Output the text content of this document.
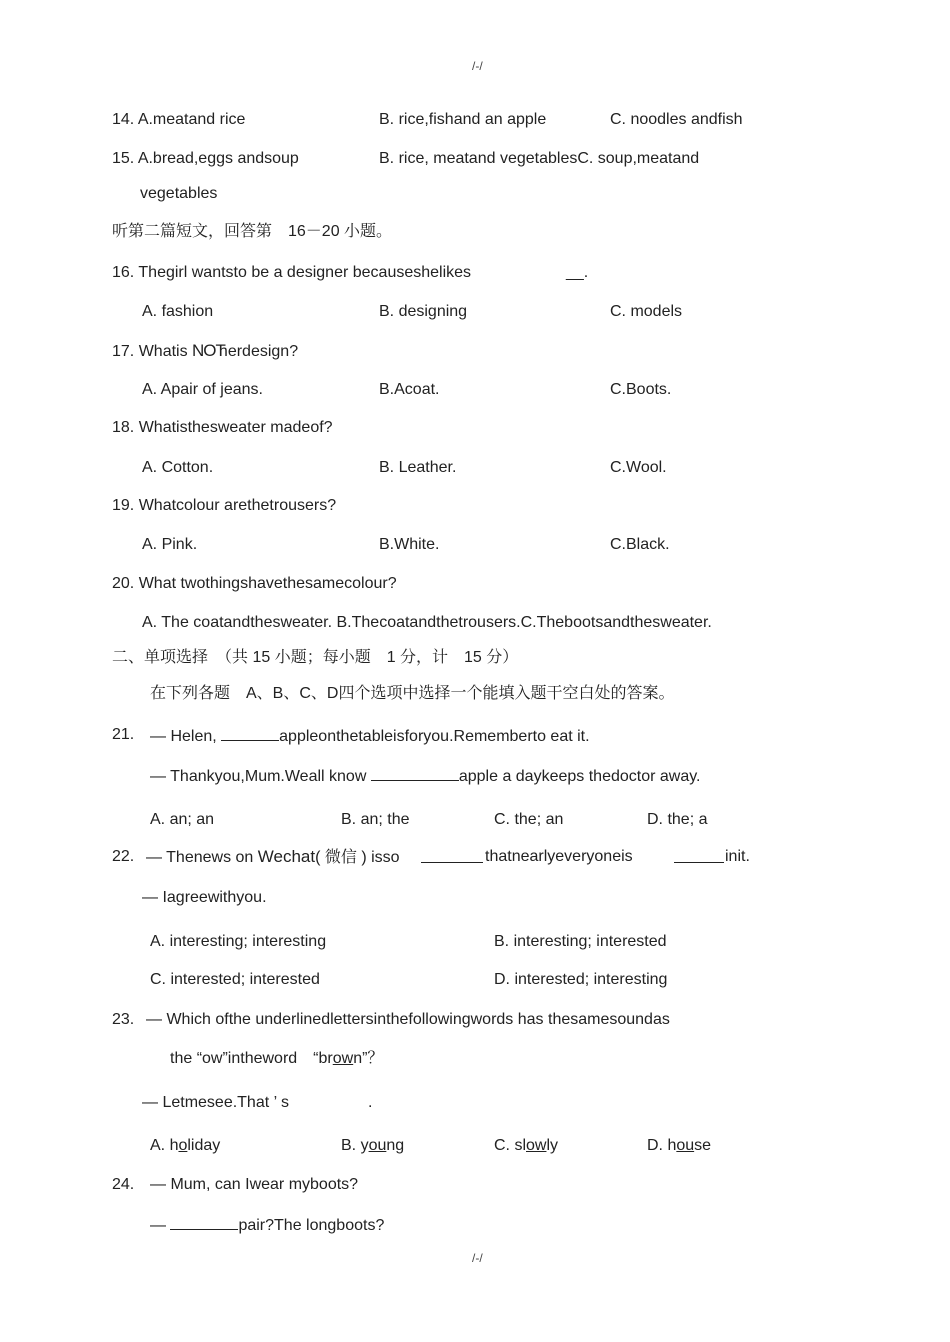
/-/
14. A.meatand rice	B. rice,fishand an apple	C. noodles andfish
15. A.bread,eggs andsoup	B. rice, meatand vegetablesC. soup,meatand
vegetables
听第二篇短文，回答第　16－20 小题。
16. Thegirl wantsto be a designer becauseshelikes	__.
A. fashion	B. designing	C. models
17. Whatis NOTherdesign?
A. Apair of jeans.	B.Acoat.	C.Boots.
18. Whatisthesweater madeof?
A. Cotton.	B. Leather.	C.Wool.
19. Whatcolour arethetrousers?
A. Pink.	B.White.	C.Black.
20. What twothingshavethesamecolour?
A. The coatandthesweater. B.Thecoatandthetrousers.C.Thebootsandthesweater.
二、单项选择　（共 15 小题；每小题　1 分，计　15 分）
在下列各题　A、B、C、D四个选项中选择一个能填入题干空白处的答案。
21. — Helen,	appleonthetableisforyou.Rememberto eat it.
— Thankyou,Mum.Weall know	apple a daykeeps thedoctor away.
A. an; an	B. an; the	C. the; an	D. the; a
22. — Thenews on Wechat( 微信 ) isso	thatnearlyeveryoneis	init.
— Iagreewithyou.
A. interesting; interesting	B. interesting; interested
C. interested; interested	D. interested; interesting
23. — Which ofthe underlinedlettersinthefollowingwords has thesamesoundas
the “ow”intheword　“brown”？
— Letmesee.That ’ s	.
A. holiday	B. young	C. slowly	D. house
24. — Mum, can Iwear myboots?
—	pair?The longboots?
/-/
